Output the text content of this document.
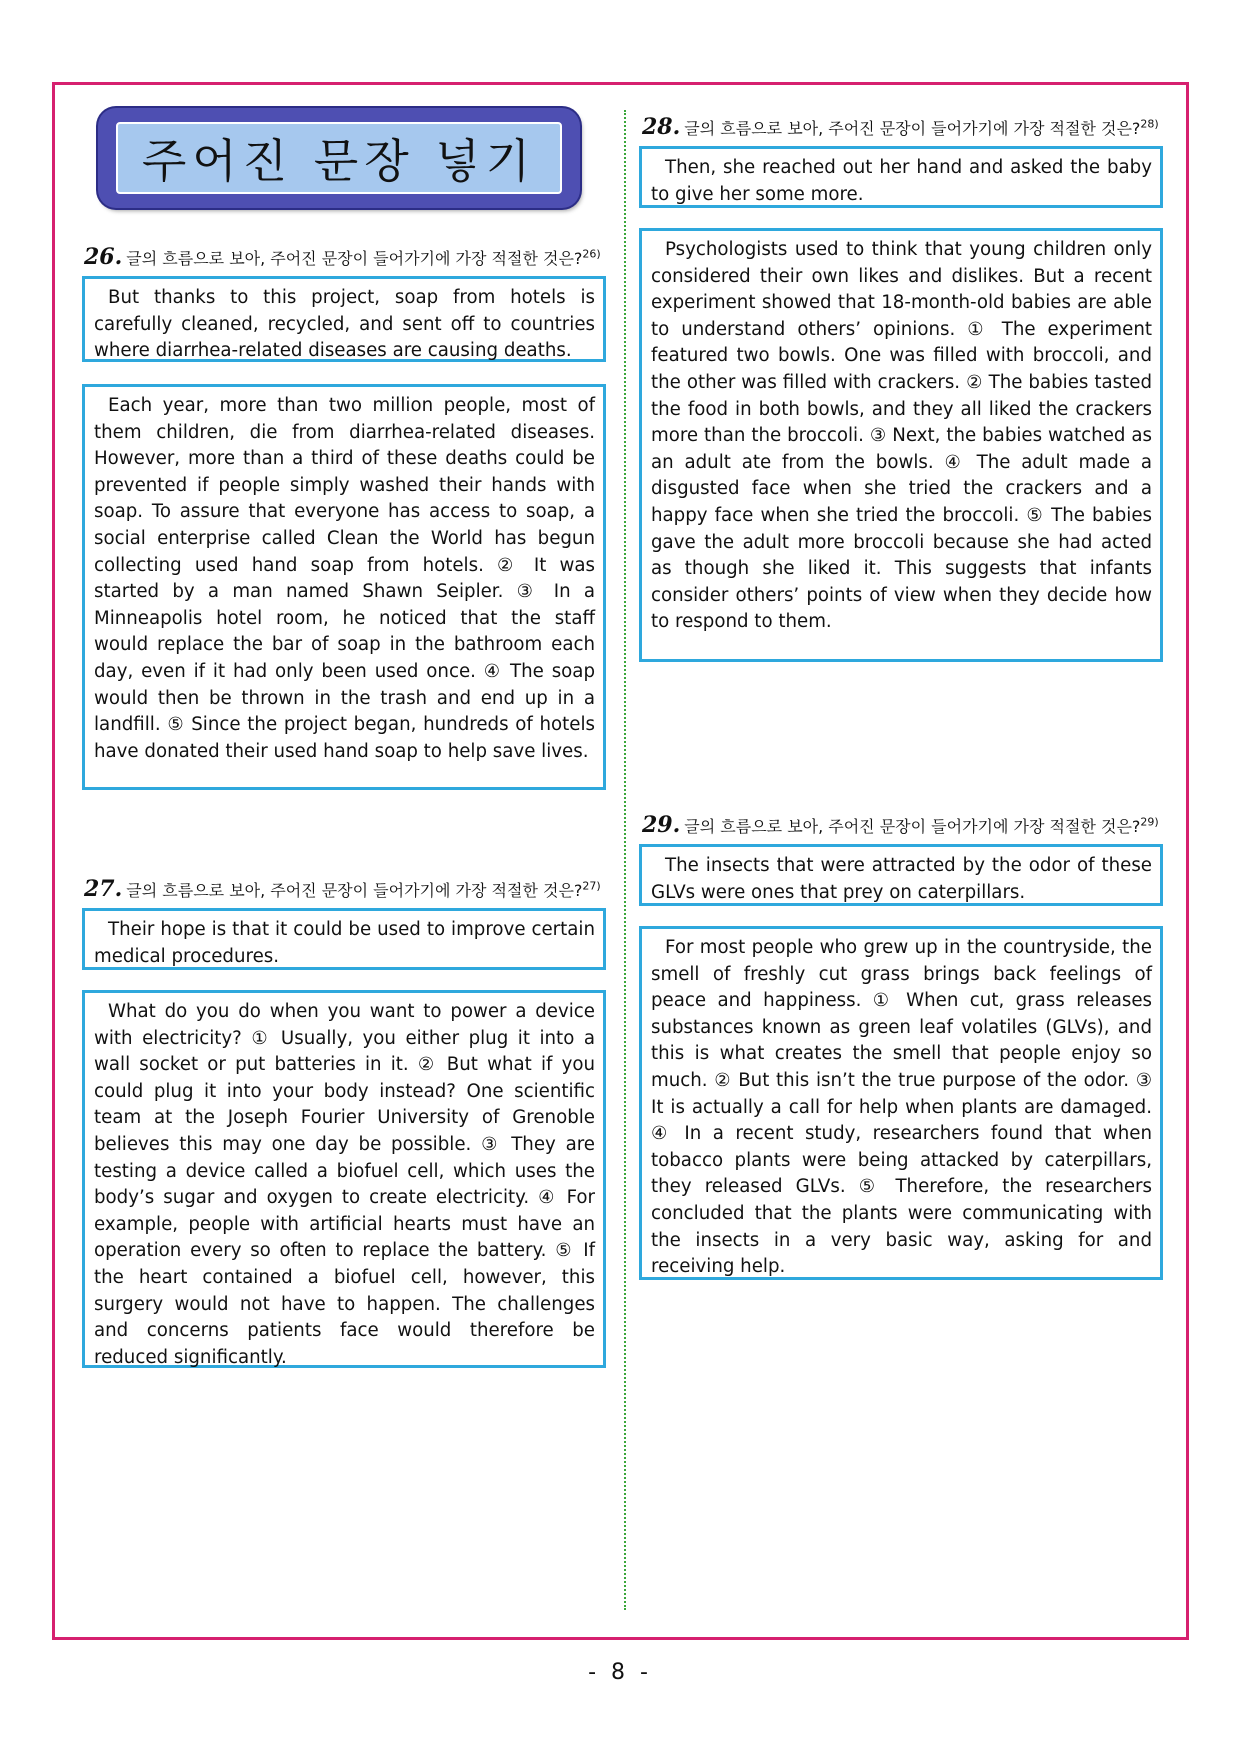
주어진 문장 넣기
26. 글의 흐름으로 보아, 주어진 문장이 들어가기에 가장 적절한 것은?$^{26)}$

But thanks to this project, soap from hotels is carefully cleaned, recycled, and sent off to countries where diarrhea-related diseases are causing deaths.

Each year, more than two million people, most of them children, die from diarrhea-related diseases. However, more than a third of these deaths could be prevented if people simply washed their hands with soap. To assure that everyone has access to soap, a social enterprise called Clean the World has begun collecting used hand soap from hotels. ② It was started by a man named Shawn Seipler. ③ In a Minneapolis hotel room, he noticed that the staff would replace the bar of soap in the bathroom each day, even if it had only been used once. ④ The soap would then be thrown in the trash and end up in a landfill. ⑤ Since the project began, hundreds of hotels have donated their used hand soap to help save lives.

27. 글의 흐름으로 보아, 주어진 문장이 들어가기에 가장 적절한 것은?$^{27)}$

Their hope is that it could be used to improve certain medical procedures.

What do you do when you want to power a device with electricity? ① Usually, you either plug it into a wall socket or put batteries in it. ② But what if you could plug it into your body instead? One scientific team at the Joseph Fourier University of Grenoble believes this may one day be possible. ③ They are testing a device called a biofuel cell, which uses the body’s sugar and oxygen to create electricity. ④ For example, people with artificial hearts must have an operation every so often to replace the battery. ⑤ If the heart contained a biofuel cell, however, this surgery would not have to happen. The challenges and concerns patients face would therefore be reduced significantly.

28. 글의 흐름으로 보아, 주어진 문장이 들어가기에 가장 적절한 것은?$^{28)}$

Then, she reached out her hand and asked the baby to give her some more.

Psychologists used to think that young children only considered their own likes and dislikes. But a recent experiment showed that 18-month-old babies are able to understand others’ opinions. ① The experiment featured two bowls. One was filled with broccoli, and the other was filled with crackers. ② The babies tasted the food in both bowls, and they all liked the crackers more than the broccoli. ③ Next, the babies watched as an adult ate from the bowls. ④ The adult made a disgusted face when she tried the crackers and a happy face when she tried the broccoli. ⑤ The babies gave the adult more broccoli because she had acted as though she liked it. This suggests that infants consider others’ points of view when they decide how to respond to them.

29. 글의 흐름으로 보아, 주어진 문장이 들어가기에 가장 적절한 것은?$^{29)}$

The insects that were attracted by the odor of these GLVs were ones that prey on caterpillars.

For most people who grew up in the countryside, the smell of freshly cut grass brings back feelings of peace and happiness. ① When cut, grass releases substances known as green leaf volatiles (GLVs), and this is what creates the smell that people enjoy so much. ② But this isn’t the true purpose of the odor. ③ It is actually a call for help when plants are damaged. ④ In a recent study, researchers found that when tobacco plants were being attacked by caterpillars, they released GLVs. ⑤ Therefore, the researchers concluded that the plants were communicating with the insects in a very basic way, asking for and receiving help.

- 8 -
